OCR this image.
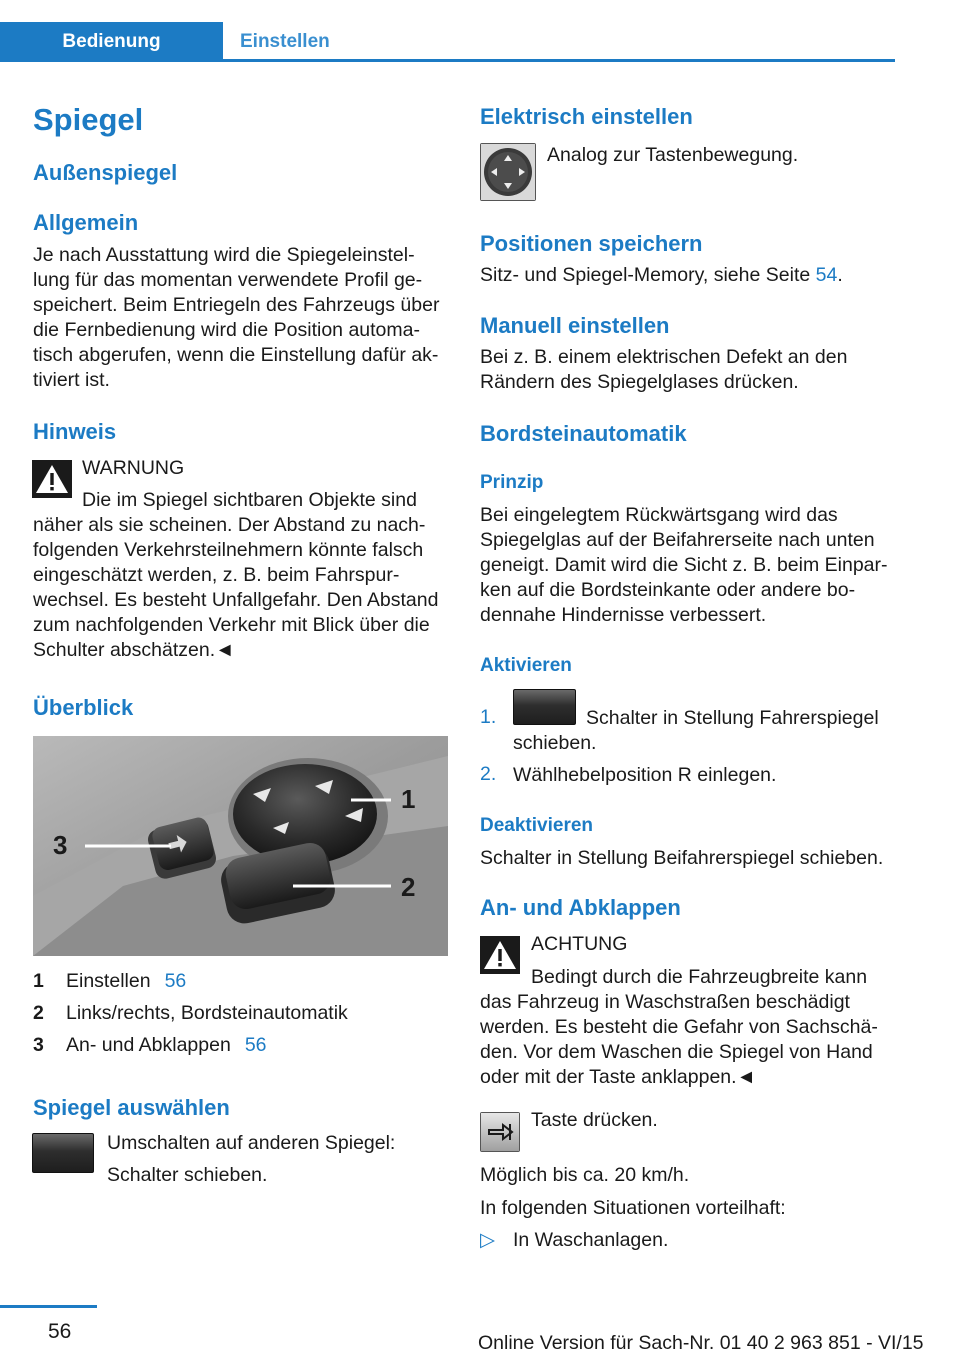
Bedienung	Einstellen
Spiegel
Außenspiegel
Allgemein
Je nach Ausstattung wird die Spiegeleinstel‐
lung für das momentan verwendete Profil ge‐
speichert. Beim Entriegeln des Fahrzeugs über
die Fernbedienung wird die Position automa‐
tisch abgerufen, wenn die Einstellung dafür ak‐
tiviert ist.
Hinweis
WARNUNG
Die im Spiegel sichtbaren Objekte sind
näher als sie scheinen. Der Abstand zu nach‐
folgenden Verkehrsteilnehmern könnte falsch
eingeschätzt werden, z. B. beim Fahrspur‐
wechsel. Es besteht Unfallgefahr. Den Abstand
zum nachfolgenden Verkehr mit Blick über die
Schulter abschätzen.◄
Überblick
1
2
3
1 Einstellen 56
2 Links/rechts, Bordsteinautomatik
3 An- und Abklappen 56
Spiegel auswählen
Umschalten auf anderen Spiegel:
Schalter schieben.
Elektrisch einstellen
Analog zur Tastenbewegung.
Positionen speichern
Sitz- und Spiegel-Memory, siehe Seite 54.
Manuell einstellen
Bei z. B. einem elektrischen Defekt an den
Rändern des Spiegelglases drücken.
Bordsteinautomatik
Prinzip
Bei eingelegtem Rückwärtsgang wird das
Spiegelglas auf der Beifahrerseite nach unten
geneigt. Damit wird die Sicht z. B. beim Einpar‐
ken auf die Bordsteinkante oder andere bo‐
dennahe Hindernisse verbessert.
Aktivieren
1.	Schalter in Stellung Fahrerspiegel
schieben.
2. Wählhebelposition R einlegen.
Deaktivieren
Schalter in Stellung Beifahrerspiegel schieben.
An- und Abklappen
ACHTUNG
Bedingt durch die Fahrzeugbreite kann
das Fahrzeug in Waschstraßen beschädigt
werden. Es besteht die Gefahr von Sachschä‐
den. Vor dem Waschen die Spiegel von Hand
oder mit der Taste anklappen.◄
Taste drücken.
Möglich bis ca. 20 km/h.
In folgenden Situationen vorteilhaft:
▷ In Waschanlagen.
56	Online Version für Sach-Nr. 01 40 2 963 851 - VI/15
